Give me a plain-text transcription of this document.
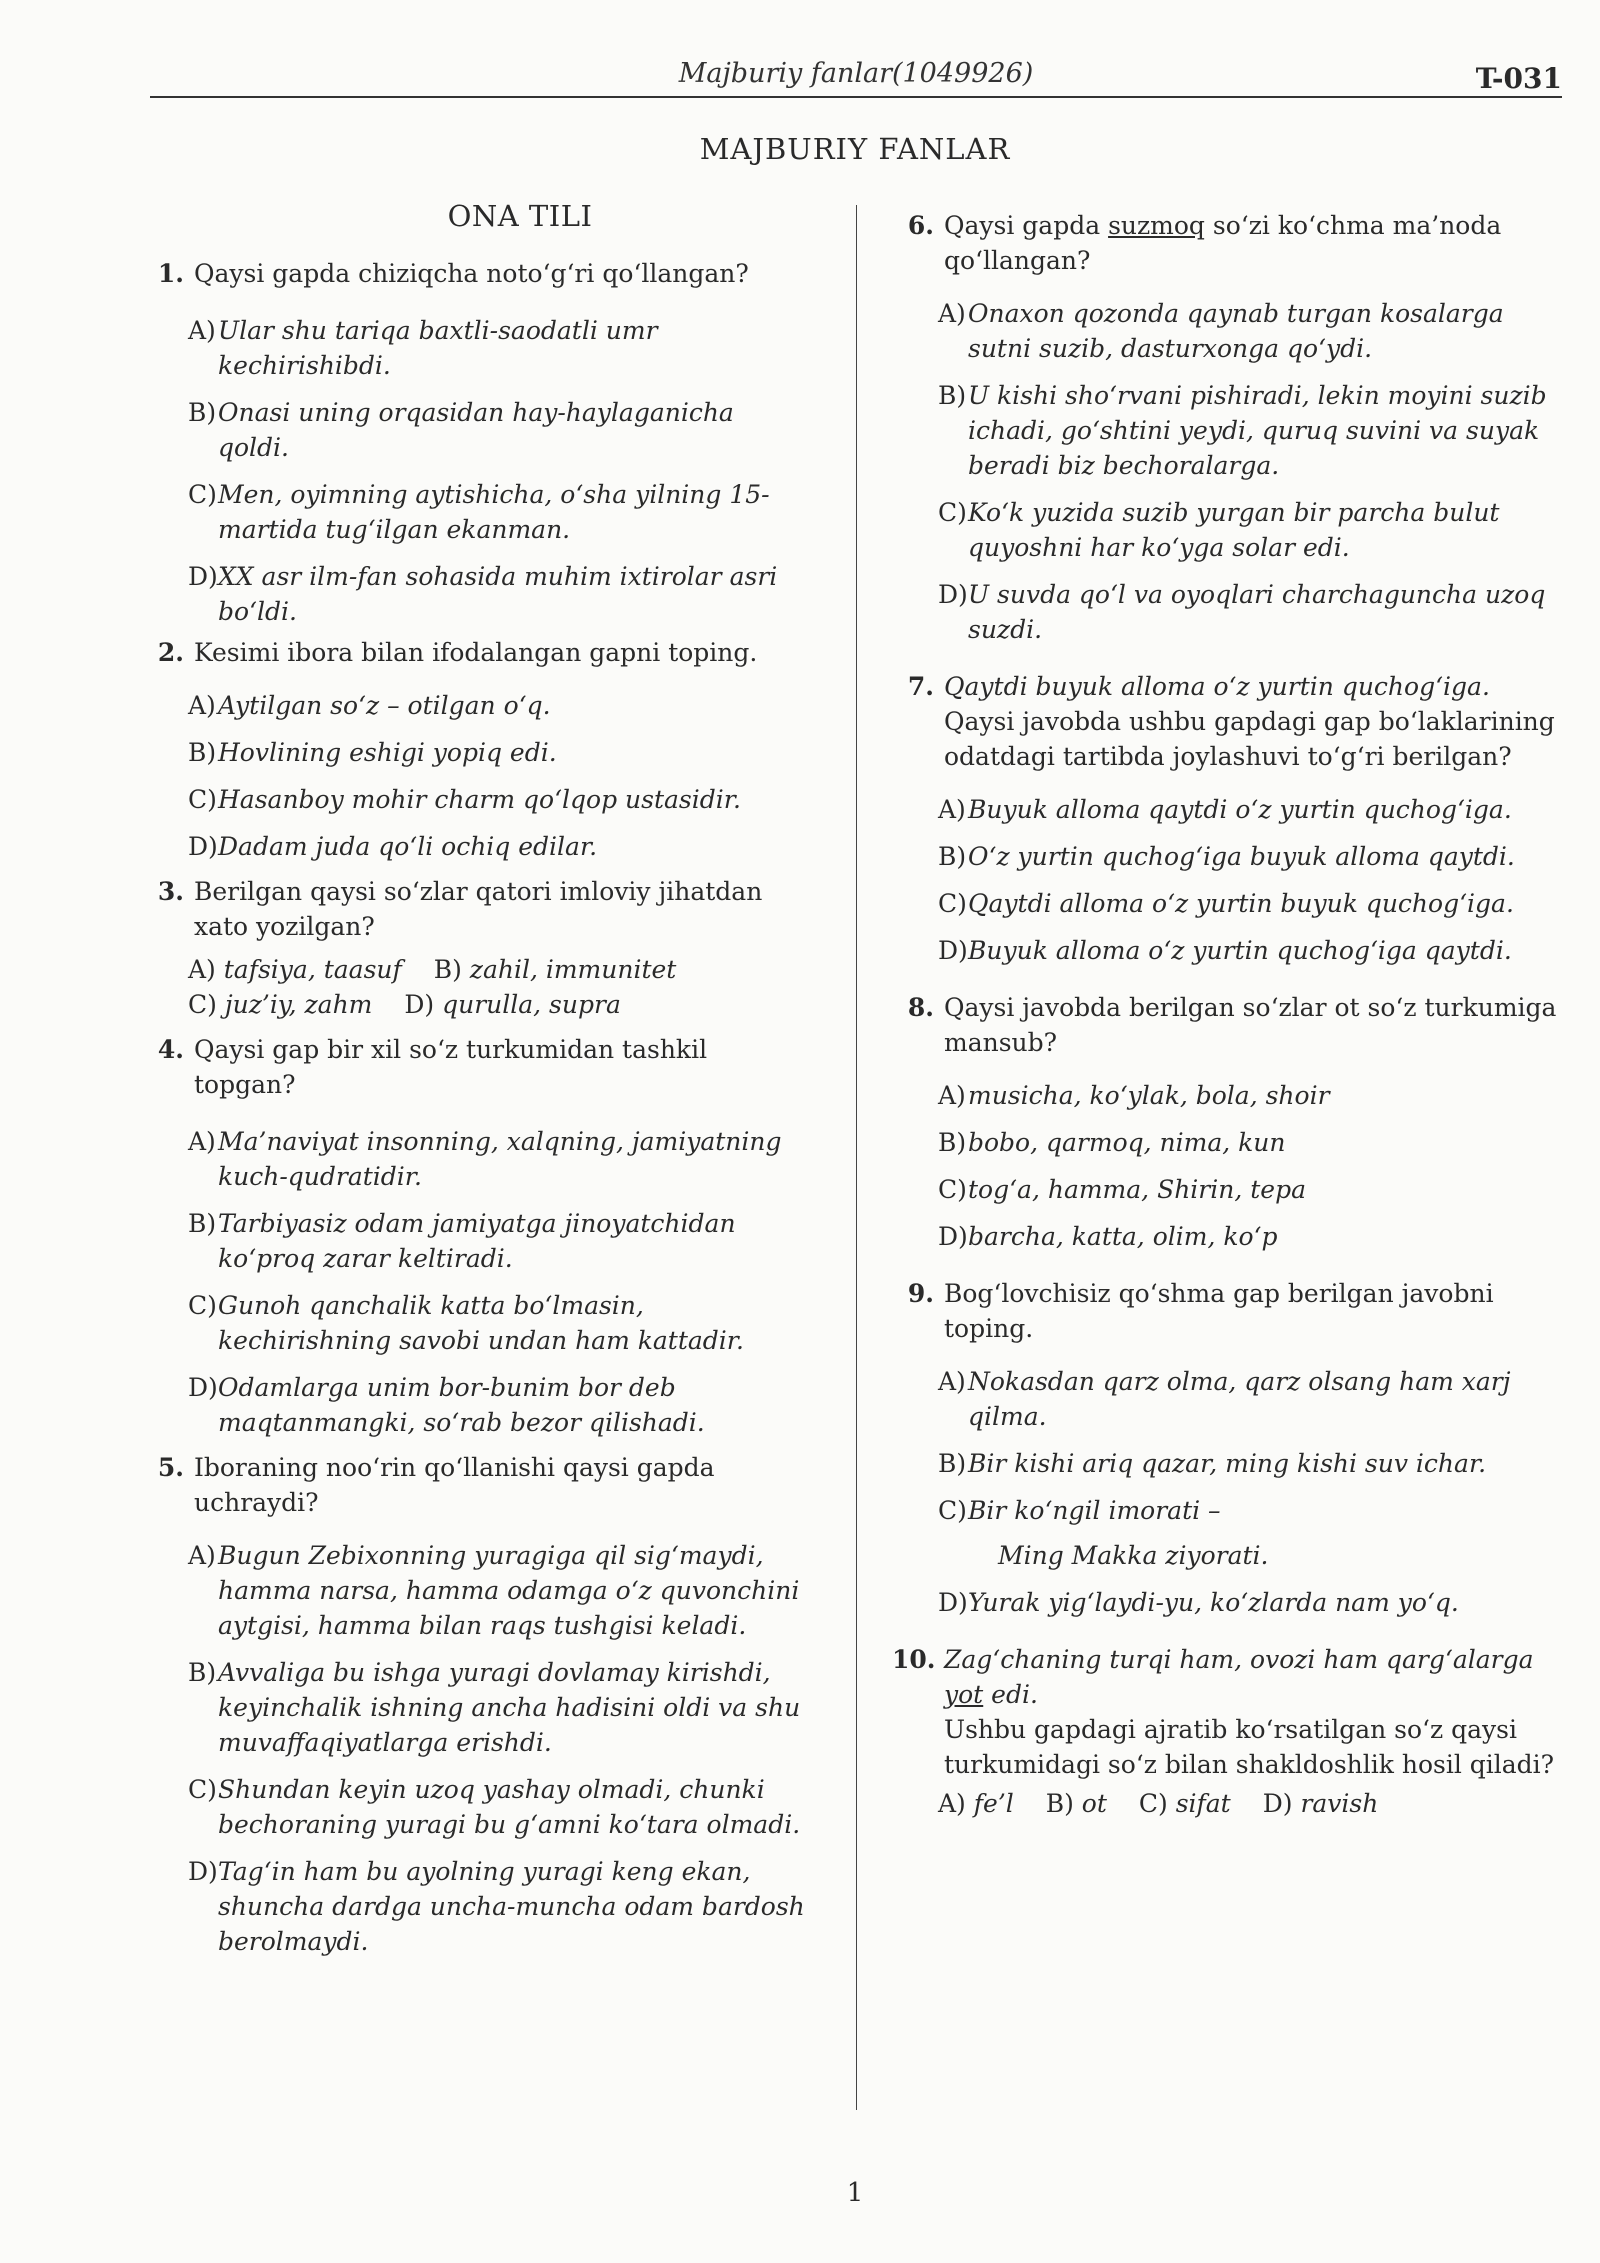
Majburiy fanlar(1049926)	T-031
MAJBURIY FANLAR
ONA TILI
1. Qaysi gapda chiziqcha noto‘g‘ri qo‘llangan?
A) Ular shu tariqa baxtli-saodatli umr kechirishibdi.
B) Onasi uning orqasidan hay-haylaganicha qoldi.
C) Men, oyimning aytishicha, o‘sha yilning 15-martida tug‘ilgan ekanman.
D) XX asr ilm-fan sohasida muhim ixtirolar asri bo‘ldi.
2. Kesimi ibora bilan ifodalangan gapni toping.
A) Aytilgan so‘z – otilgan o‘q.
B) Hovlining eshigi yopiq edi.
C) Hasanboy mohir charm qo‘lqop ustasidir.
D) Dadam juda qo‘li ochiq edilar.
3. Berilgan qaysi so‘zlar qatori imloviy jihatdan xato yozilgan?
A) tafsiya, taasuf B) zahil, immunitet
C) juz’iy, zahm D) qurulla, supra
4. Qaysi gap bir xil so‘z turkumidan tashkil topgan?
A) Ma’naviyat insonning, xalqning, jamiyatning kuch-qudratidir.
B) Tarbiyasiz odam jamiyatga jinoyatchidan ko‘proq zarar keltiradi.
C) Gunoh qanchalik katta bo‘lmasin, kechirishning savobi undan ham kattadir.
D) Odamlarga unim bor-bunim bor deb maqtanmangki, so‘rab bezor qilishadi.
5. Iboraning noo‘rin qo‘llanishi qaysi gapda uchraydi?
A) Bugun Zebixonning yuragiga qil sig‘maydi, hamma narsa, hamma odamga o‘z quvonchini aytgisi, hamma bilan raqs tushgisi keladi.
B) Avvaliga bu ishga yuragi dovlamay kirishdi, keyinchalik ishning ancha hadisini oldi va shu muvaffaqiyatlarga erishdi.
C) Shundan keyin uzoq yashay olmadi, chunki bechoraning yuragi bu g‘amni ko‘tara olmadi.
D) Tag‘in ham bu ayolning yuragi keng ekan, shuncha dardga uncha-muncha odam bardosh berolmaydi.
6. Qaysi gapda suzmoq so‘zi ko‘chma ma’noda qo‘llangan?
A) Onaxon qozonda qaynab turgan kosalarga sutni suzib, dasturxonga qo‘ydi.
B) U kishi sho‘rvani pishiradi, lekin moyini suzib ichadi, go‘shtini yeydi, quruq suvini va suyak beradi biz bechoralarga.
C) Ko‘k yuzida suzib yurgan bir parcha bulut quyoshni har ko‘yga solar edi.
D) U suvda qo‘l va oyoqlari charchaguncha uzoq suzdi.
7. Qaytdi buyuk alloma o‘z yurtin quchog‘iga.
Qaysi javobda ushbu gapdagi gap bo‘laklarining odatdagi tartibda joylashuvi to‘g‘ri berilgan?
A) Buyuk alloma qaytdi o‘z yurtin quchog‘iga.
B) O‘z yurtin quchog‘iga buyuk alloma qaytdi.
C) Qaytdi alloma o‘z yurtin buyuk quchog‘iga.
D) Buyuk alloma o‘z yurtin quchog‘iga qaytdi.
8. Qaysi javobda berilgan so‘zlar ot so‘z turkumiga mansub?
A) musicha, ko‘ylak, bola, shoir
B) bobo, qarmoq, nima, kun
C) tog‘a, hamma, Shirin, tepa
D) barcha, katta, olim, ko‘p
9. Bog‘lovchisiz qo‘shma gap berilgan javobni toping.
A) Nokasdan qarz olma, qarz olsang ham xarj qilma.
B) Bir kishi ariq qazar, ming kishi suv ichar.
C) Bir ko‘ngil imorati –
Ming Makka ziyorati.
D) Yurak yig‘laydi-yu, ko‘zlarda nam yo‘q.
10. Zag‘chaning turqi ham, ovozi ham qarg‘alarga yot edi.
Ushbu gapdagi ajratib ko‘rsatilgan so‘z qaysi turkumidagi so‘z bilan shakldoshlik hosil qiladi?
A) fe’l B) ot C) sifat D) ravish
1
